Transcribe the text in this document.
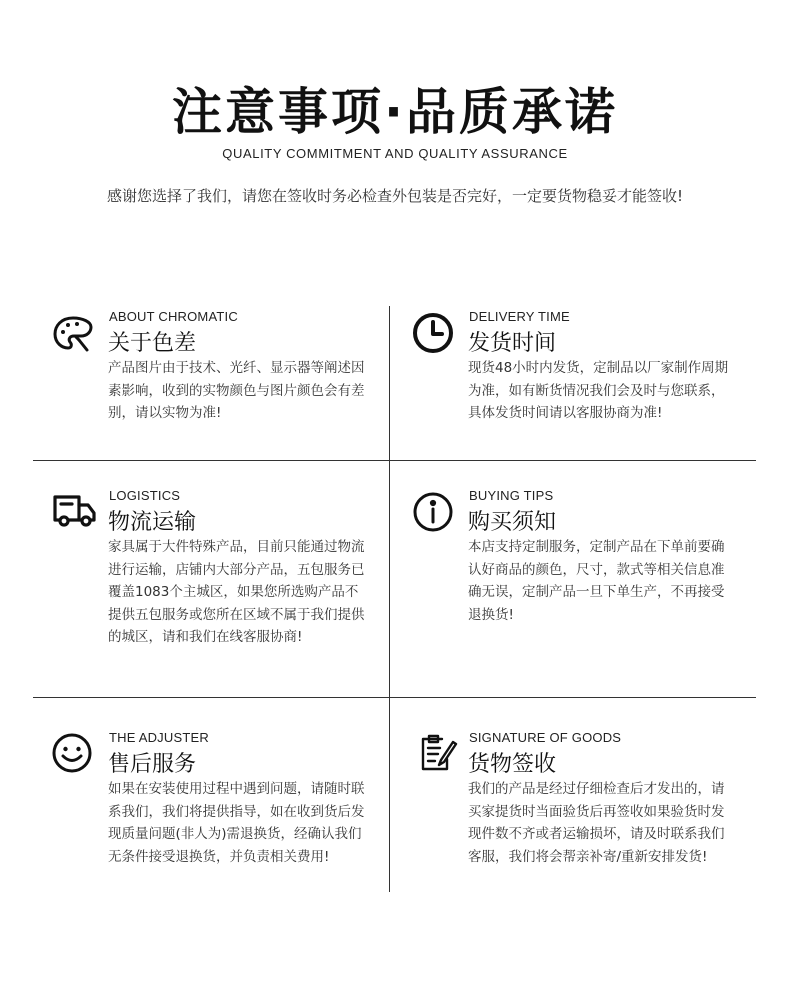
注意事项·品质承诺
QUALITY COMMITMENT AND QUALITY ASSURANCE
感谢您选择了我们，请您在签收时务必检查外包装是否完好，一定要货物稳妥才能签收!
ABOUT CHROMATIC
关于色差
产品图片由于技术、光纤、显示器等阐述因素影响，收到的实物颜色与图片颜色会有差别，请以实物为准!
DELIVERY TIME
发货时间
现货48小时内发货，定制品以厂家制作周期为准，如有断货情况我们会及时与您联系， 具体发货时间请以客服协商为准!
LOGISTICS
物流运输
家具属于大件特殊产品，目前只能通过物流进行运输，店铺内大部分产品，五包服务已覆盖1083个主城区，如果您所选购产品不提供五包服务或您所在区域不属于我们提供的城区，请和我们在线客服协商!
BUYING TIPS
购买须知
本店支持定制服务，定制产品在下单前要确认好商品的颜色，尺寸，款式等相关信息准确无误，定制产品一旦下单生产，不再接受退换货!
THE ADJUSTER
售后服务
如果在安装使用过程中遇到问题，请随时联系我们，我们将提供指导，如在收到货后发现质量问题(非人为)需退换货，经确认我们无条件接受退换货，并负责相关费用!
SIGNATURE OF GOODS
货物签收
我们的产品是经过仔细检查后才发出的，请买家提货时当面验货后再签收如果验货时发现件数不齐或者运输损坏，请及时联系我们客服，我们将会帮亲补寄/重新安排发货!
